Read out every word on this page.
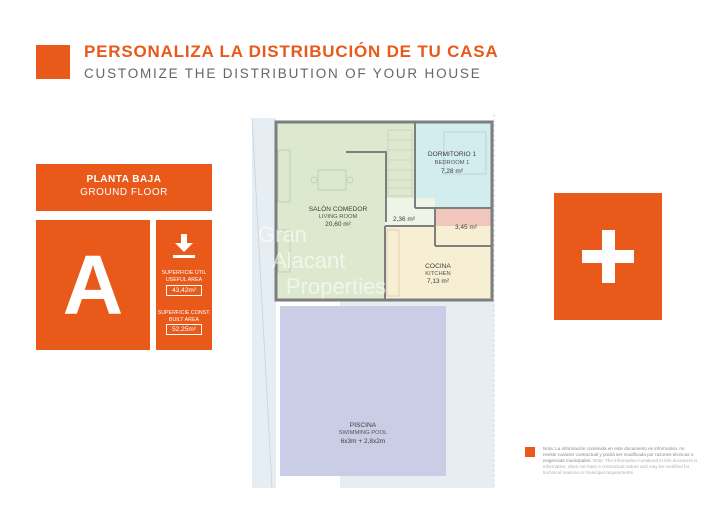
PERSONALIZA LA DISTRIBUCIÓN DE TU CASA
CUSTOMIZE THE DISTRIBUTION OF YOUR HOUSE
PLANTA BAJA
GROUND FLOOR
A	SUPERFICIE ÚTIL USEFUL AREA
43,42m²
SUPERFICIE CONST. BUILT AREA
52,25m²
Gran
Alacant
Properties
DORMITORIO 1
BEDROOM 1
7,28 m²
SALÓN COMEDOR
LIVING ROOM
20,60 m²
2,36 m²
3,45 m²
COCINA
KITCHEN
7,13 m²
PISCINA
SWIMMING POOL
6x3m + 2,8x2m
Nota: La información contenida en este documento es informativa, no reviste carácter contractual y podrá ser modificada por razones técnicas o exigencias municipales. Note: The information contained in this document is informative, does not have a contractual nature and may be modified for technical reasons or municipal requirements.
